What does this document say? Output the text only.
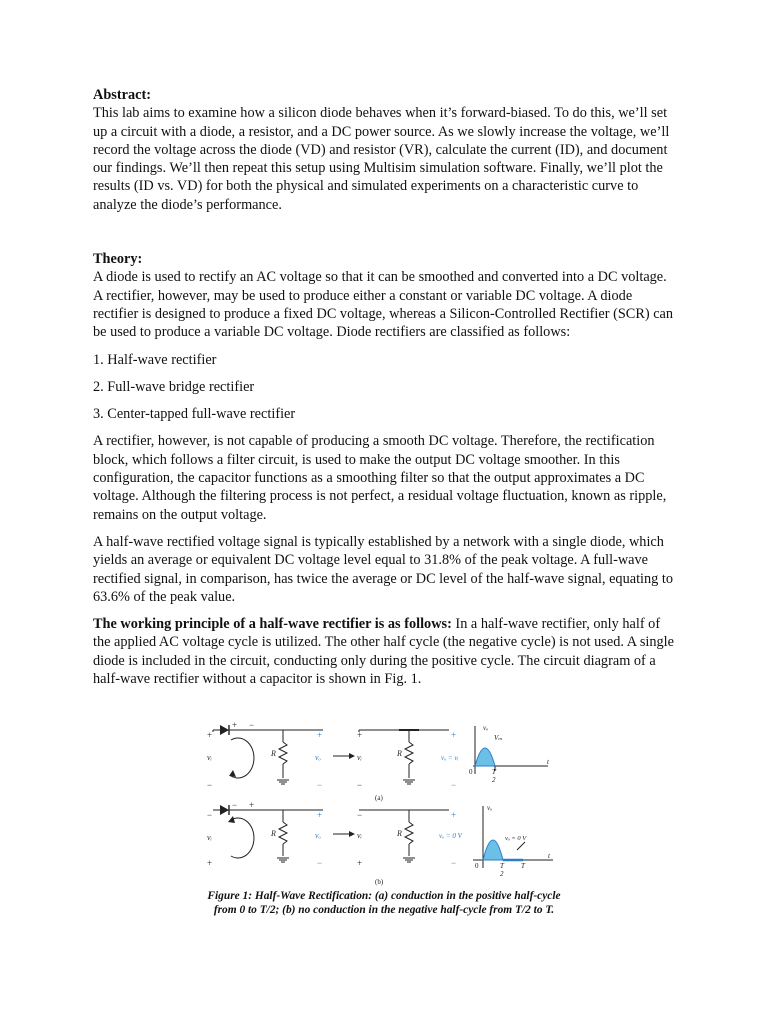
Abstract:

This lab aims to examine how a silicon diode behaves when it’s forward-biased. To do this, we’ll set up a circuit with a diode, a resistor, and a DC power source. As we slowly increase the voltage, we’ll record the voltage across the diode (VD) and resistor (VR), calculate the current (ID), and document our findings. We’ll then repeat this setup using Multisim simulation software. Finally, we’ll plot the results (ID vs. VD) for both the physical and simulated experiments on a characteristic curve to analyze the diode’s performance.

Theory:

A diode is used to rectify an AC voltage so that it can be smoothed and converted into a DC voltage. A rectifier, however, may be used to produce either a constant or variable DC voltage. A diode rectifier is designed to produce a fixed DC voltage, whereas a Silicon-Controlled Rectifier (SCR) can be used to produce a variable DC voltage. Diode rectifiers are classified as follows:

1. Half-wave rectifier

2. Full-wave bridge rectifier

3. Center-tapped full-wave rectifier

A rectifier, however, is not capable of producing a smooth DC voltage. Therefore, the rectification block, which follows a filter circuit, is used to make the output DC voltage smoother. In this configuration, the capacitor functions as a smoothing filter so that the output approximates a DC voltage. Although the filtering process is not perfect, a residual voltage fluctuation, known as ripple, remains on the output voltage.

A half-wave rectified voltage signal is typically established by a network with a single diode, which yields an average or equivalent DC voltage level equal to 31.8% of the peak voltage. A full-wave rectified signal, in comparison, has twice the average or DC level of the half-wave signal, equating to 63.6% of the peak value.

The working principle of a half-wave rectifier is as follows: In a half-wave rectifier, only half of the applied AC voltage cycle is utilized. The other half cycle (the negative cycle) is not used. A single diode is included in the circuit, conducting only during the positive cycle. The circuit diagram of a half-wave rectifier without a capacitor is shown in Fig. 1.

+
+
−
−
vᵢ	R	vᵢ
+
−
R
(a)
vₒ
Vₘ
0	T
2
t
− +
−
+
vᵢ	R	vᵢ
−
+
R
(b)
vₒ
vₒ = 0 V
0	T
2
T
t
+
−
vₒ
+
−
vₒ = vᵢ
+
−
vₒ
+
−
vₒ = 0 V
Figure 1: Half-Wave Rectification: (a) conduction in the positive half-cycle
from 0 to T/2; (b) no conduction in the negative half-cycle from T/2 to T.
